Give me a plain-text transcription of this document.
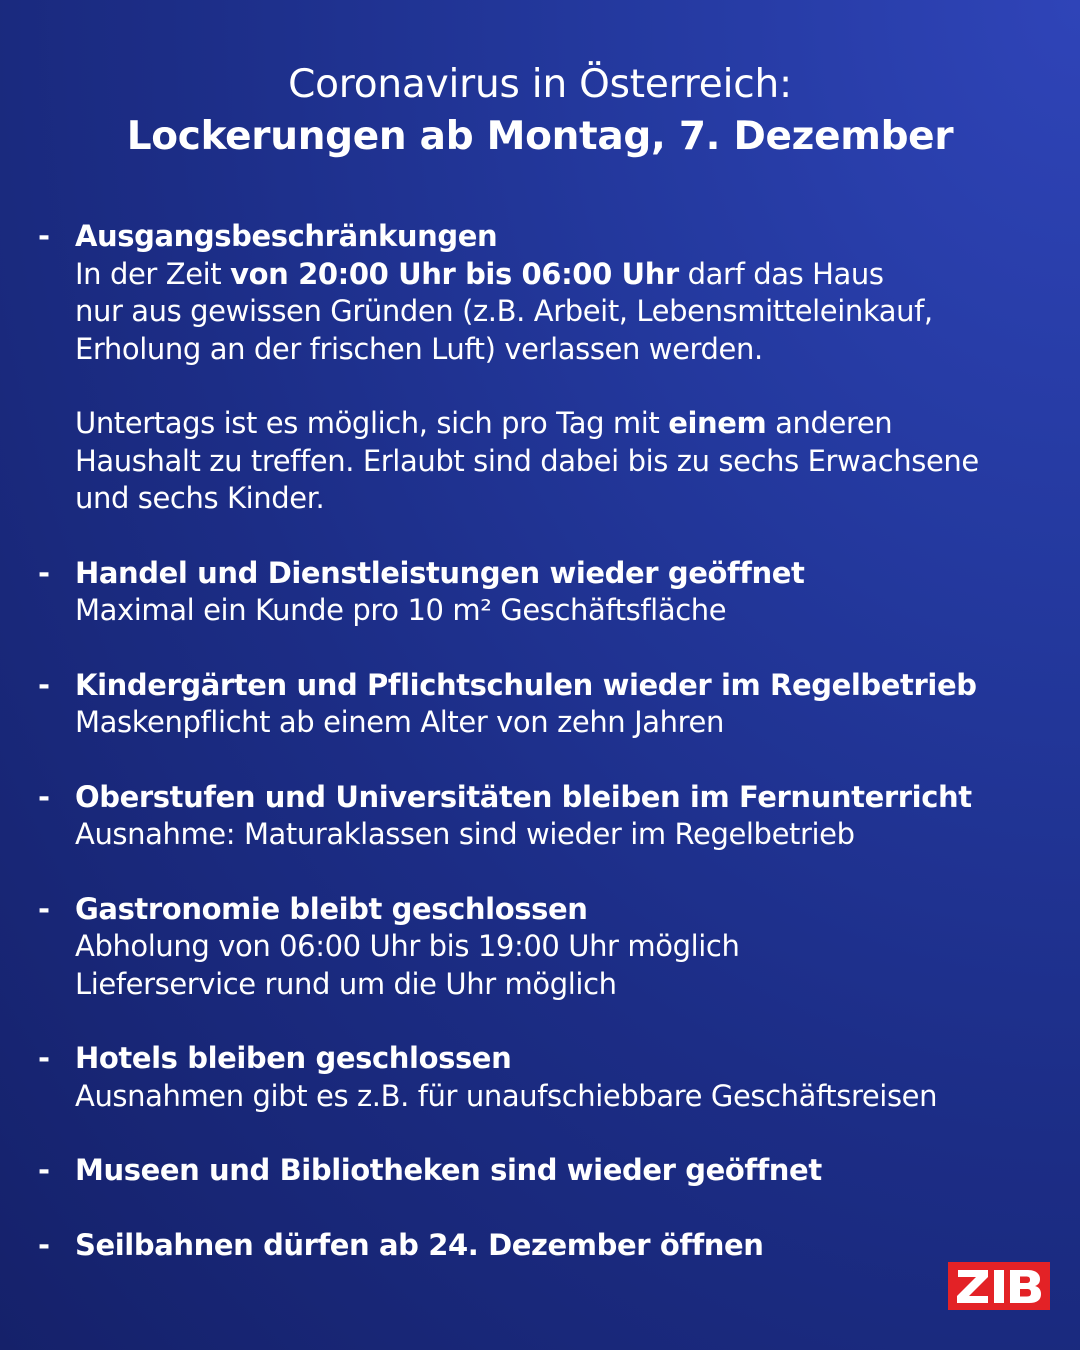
Coronavirus in Österreich:
Lockerungen ab Montag, 7. Dezember
- Ausgangsbeschränkungen
In der Zeit von 20:00 Uhr bis 06:00 Uhr darf das Haus
nur aus gewissen Gründen (z.B. Arbeit, Lebensmitteleinkauf,
Erholung an der frischen Luft) verlassen werden.
Untertags ist es möglich, sich pro Tag mit einem anderen
Haushalt zu treffen. Erlaubt sind dabei bis zu sechs Erwachsene
und sechs Kinder.
- Handel und Dienstleistungen wieder geöffnet
Maximal ein Kunde pro 10 m² Geschäftsfläche
- Kindergärten und Pflichtschulen wieder im Regelbetrieb
Maskenpflicht ab einem Alter von zehn Jahren
- Oberstufen und Universitäten bleiben im Fernunterricht
Ausnahme: Maturaklassen sind wieder im Regelbetrieb
- Gastronomie bleibt geschlossen
Abholung von 06:00 Uhr bis 19:00 Uhr möglich
Lieferservice rund um die Uhr möglich
- Hotels bleiben geschlossen
Ausnahmen gibt es z.B. für unaufschiebbare Geschäftsreisen
- Museen und Bibliotheken sind wieder geöffnet
- Seilbahnen dürfen ab 24. Dezember öffnen
